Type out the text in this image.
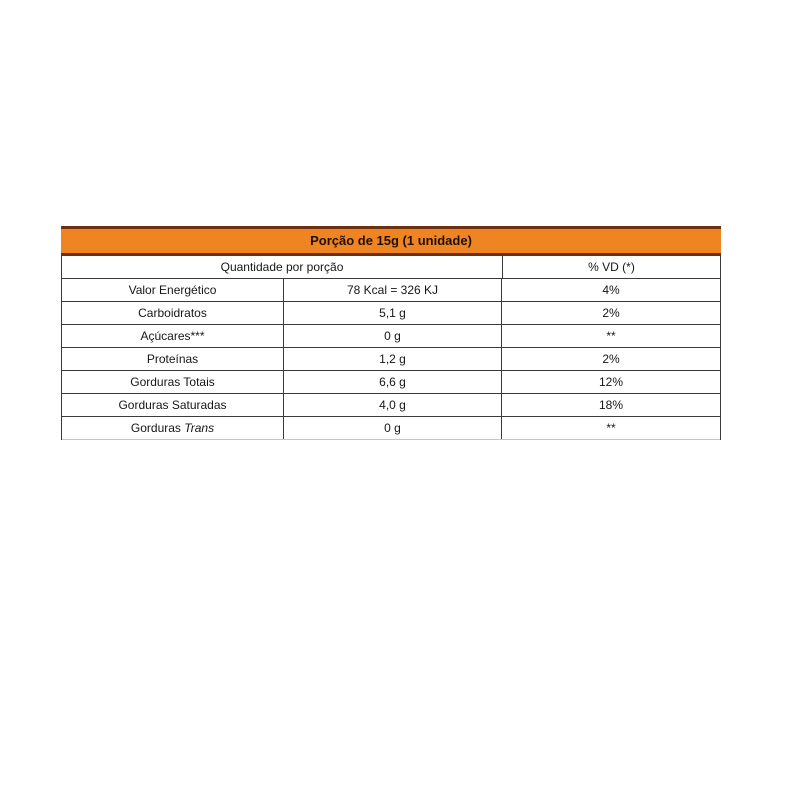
Porção de 15g (1 unidade)
Quantidade por porção	% VD (*)
Valor Energético	78 Kcal = 326 KJ	4%
Carboidratos	5,1 g	2%
Açúcares***	0 g	**
Proteínas	1,2 g	2%
Gorduras Totais	6,6 g	12%
Gorduras Saturadas	4,0 g	18%
Gorduras Trans	0 g	**
